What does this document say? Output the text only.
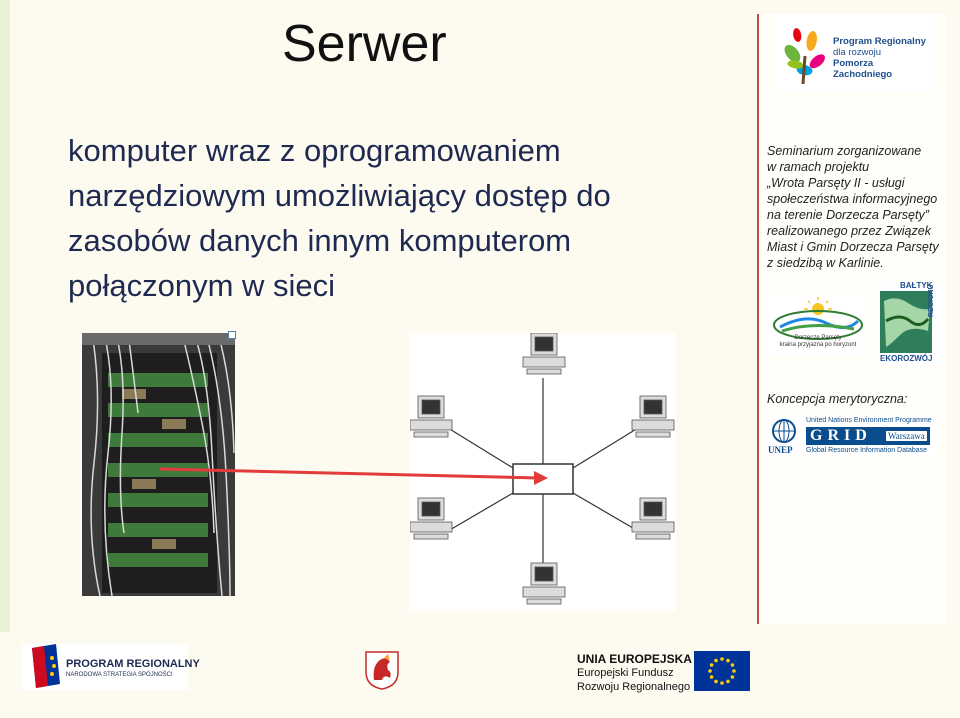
Serwer
komputer wraz z oprogramowaniem
narzędziowym umożliwiający dostęp do
zasobów danych innym komputerom
połączonym w sieci
Program Regionalny
dla rozwoju
Pomorza Zachodniego
Seminarium zorganizowane
w ramach projektu
„Wrota Parsęty II - usługi
społeczeństwa informacyjnego
na terenie Dorzecza Parsęty”
realizowanego przez Związek
Miast i Gmin Dorzecza Parsęty
z siedzibą w Karlinie.
Dorzecze Parsęty
kraina przyjazna po horyzont
BAŁTYK
REGIONU
EKOROZWÓJ
Koncepcja merytoryczna:
UNEP
United Nations Environment Programme
GRID Warszawa
Global Resource Information Database
PROGRAM REGIONALNY
NARODOWA STRATEGIA SPÓJNOŚCI
UNIA EUROPEJSKA
Europejski Fundusz
Rozwoju Regionalnego
